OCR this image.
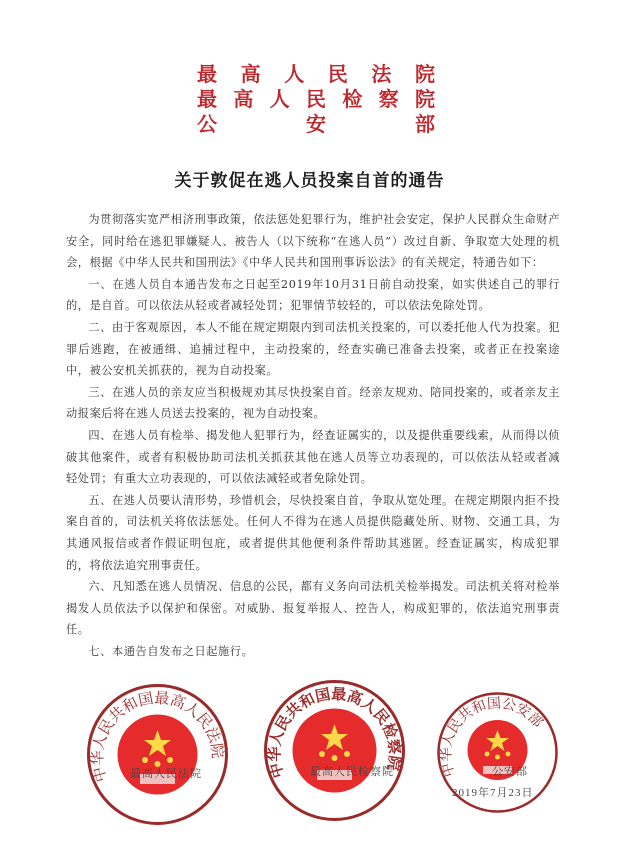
最 高 人 民 法 院
最 高 人 民 检 察 院
公	安	部
关于敦促在逃人员投案自首的通告

为贯彻落实宽严相济刑事政策，依法惩处犯罪行为，维护社会安定，保护人民群众生命财产安全，同时给在逃犯罪嫌疑人、被告人（以下统称“在逃人员”）改过自新、争取宽大处理的机会，根据《中华人民共和国刑法》《中华人民共和国刑事诉讼法》的有关规定，特通告如下：

一、在逃人员自本通告发布之日起至2019年10月31日前自动投案，如实供述自己的罪行的，是自首。可以依法从轻或者减轻处罚；犯罪情节较轻的，可以依法免除处罚。

二、由于客观原因，本人不能在规定期限内到司法机关投案的，可以委托他人代为投案。犯罪后逃跑，在被通缉、追捕过程中，主动投案的，经查实确已准备去投案，或者正在投案途中，被公安机关抓获的，视为自动投案。

三、在逃人员的亲友应当积极规劝其尽快投案自首。经亲友规劝、陪同投案的，或者亲友主动报案后将在逃人员送去投案的，视为自动投案。

四、在逃人员有检举、揭发他人犯罪行为，经查证属实的，以及提供重要线索，从而得以侦破其他案件，或者有积极协助司法机关抓获其他在逃人员等立功表现的，可以依法从轻或者减轻处罚；有重大立功表现的，可以依法减轻或者免除处罚。

五、在逃人员要认清形势，珍惜机会，尽快投案自首，争取从宽处理。在规定期限内拒不投案自首的，司法机关将依法惩处。任何人不得为在逃人员提供隐藏处所、财物、交通工具，为其通风报信或者作假证明包庇，或者提供其他便利条件帮助其逃匿。经查证属实，构成犯罪的，将依法追究刑事责任。

六、凡知悉在逃人员情况、信息的公民，都有义务向司法机关检举揭发。司法机关将对检举揭发人员依法予以保护和保密。对威胁、报复举报人、控告人，构成犯罪的，依法追究刑事责任。

七、本通告自发布之日起施行。

中华人民共和国最高人民法院
中华人民共和国最高人民检察院	中华人民共和国公安部
最高人民法院	最高人民检察院	公安部
2019年7月23日
